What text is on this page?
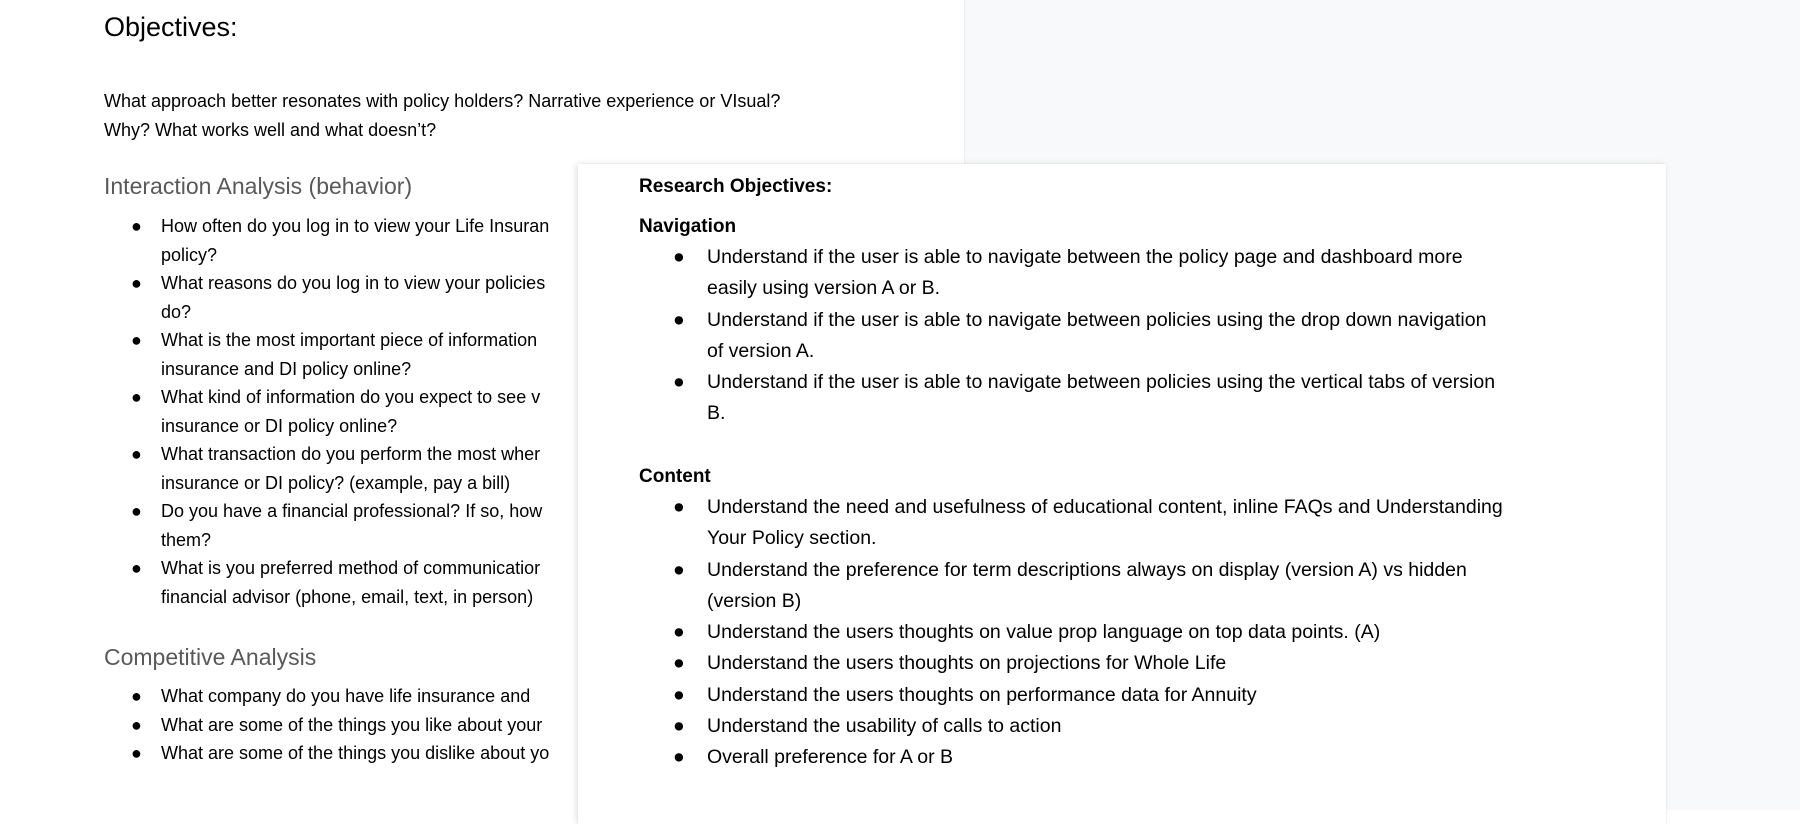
Objectives:
What approach better resonates with policy holders? Narrative experience or VIsual?
Why? What works well and what doesn’t?
Interaction Analysis (behavior)
● How often do you log in to view your Life Insuran
policy?
● What reasons do you log in to view your policies
do?
● What is the most important piece of information
insurance and DI policy online?
● What kind of information do you expect to see v
insurance or DI policy online?
● What transaction do you perform the most wher
insurance or DI policy? (example, pay a bill)
● Do you have a financial professional? If so, how
them?
● What is you preferred method of communicatior
financial advisor (phone, email, text, in person)
Competitive Analysis
● What company do you have life insurance and
● What are some of the things you like about your
● What are some of the things you dislike about yo
Research Objectives:
Navigation
● Understand if the user is able to navigate between the policy page and dashboard more easily using version A or B.
● Understand if the user is able to navigate between policies using the drop down navigation of version A.
● Understand if the user is able to navigate between policies using the vertical tabs of version B.
Content
● Understand the need and usefulness of educational content, inline FAQs and Understanding Your Policy section.
● Understand the preference for term descriptions always on display (version A) vs hidden (version B)
● Understand the users thoughts on value prop language on top data points. (A)
● Understand the users thoughts on projections for Whole Life
● Understand the users thoughts on performance data for Annuity
● Understand the usability of calls to action
● Overall preference for A or B
